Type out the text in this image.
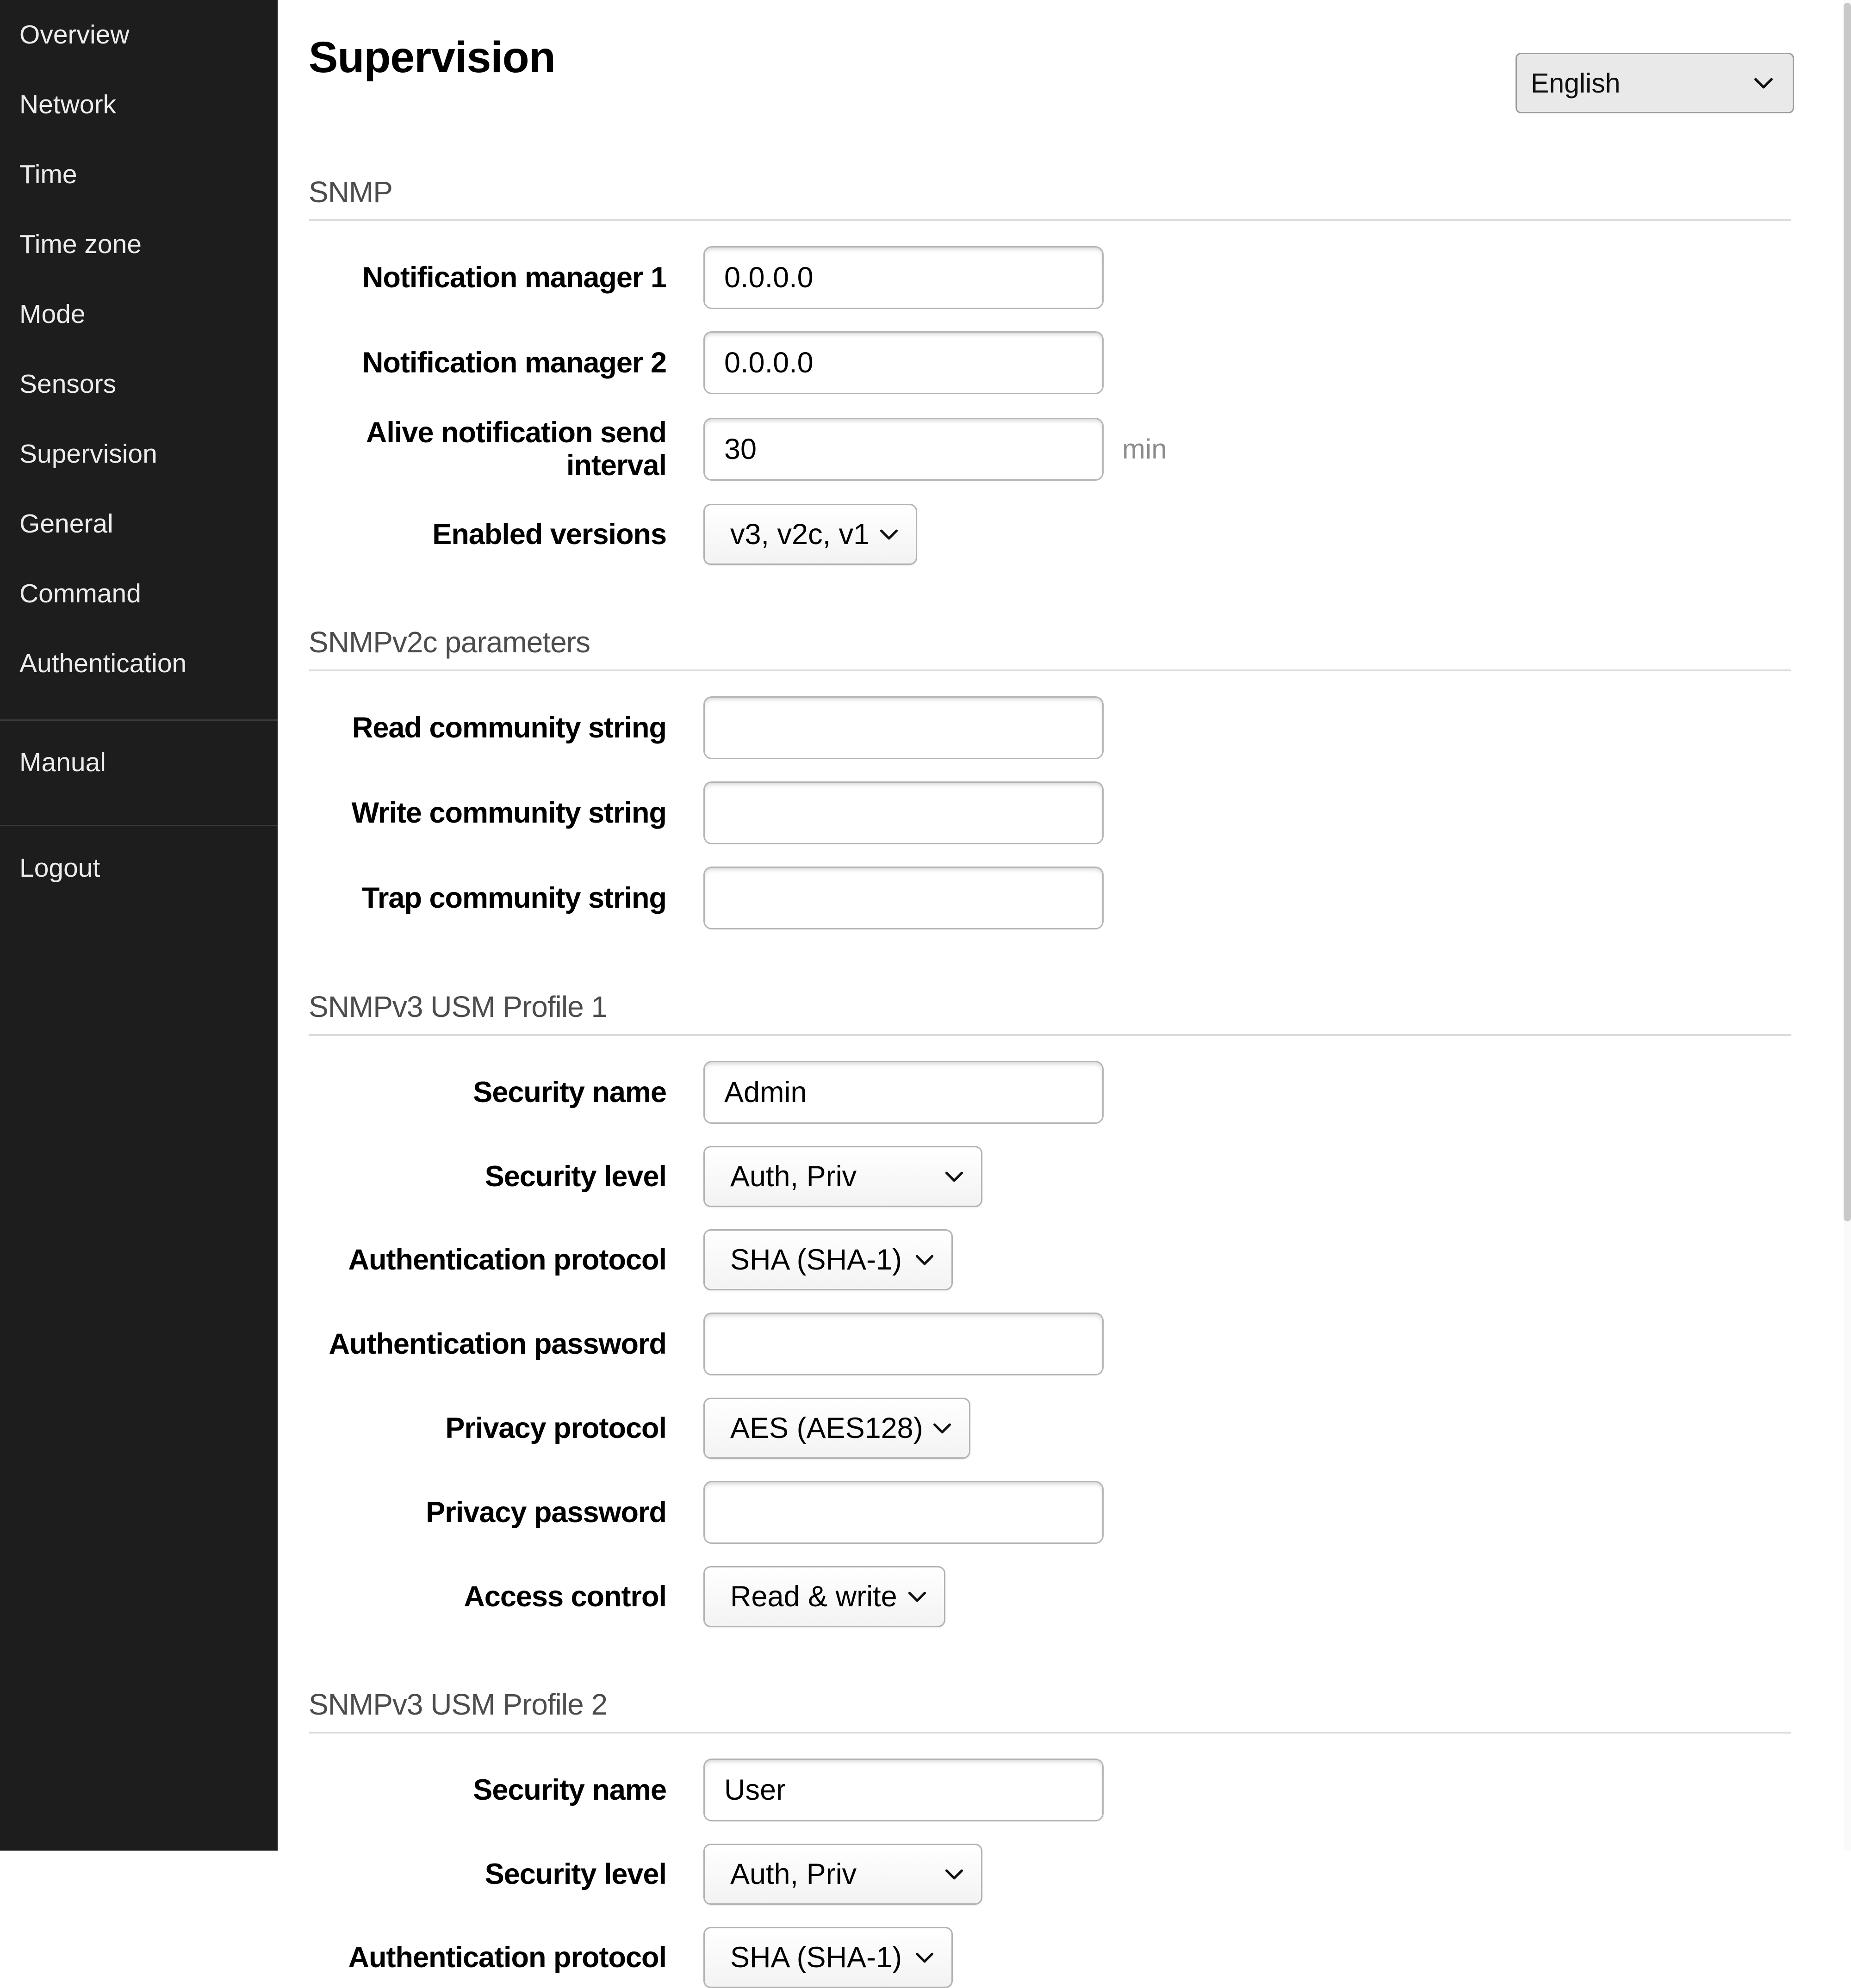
Overview
Network
Time
Time zone
Mode
Sensors
Supervision
General
Command
Authentication
Manual
Logout
Supervision
English
SNMP
Notification manager 1
0.0.0.0
Notification manager 2
0.0.0.0
Alive notification send interval
30	min
Enabled versions v3, v2c, v1
SNMPv2c parameters
Read community string
Write community string
Trap community string
SNMPv3 USM Profile 1
Security name
Admin
Security level Auth, Priv
Authentication protocol SHA (SHA-1)
Authentication password
Privacy protocol AES (AES128)
Privacy password
Access control Read & write
SNMPv3 USM Profile 2
Security name
User
Security level Auth, Priv
Authentication protocol SHA (SHA-1)
